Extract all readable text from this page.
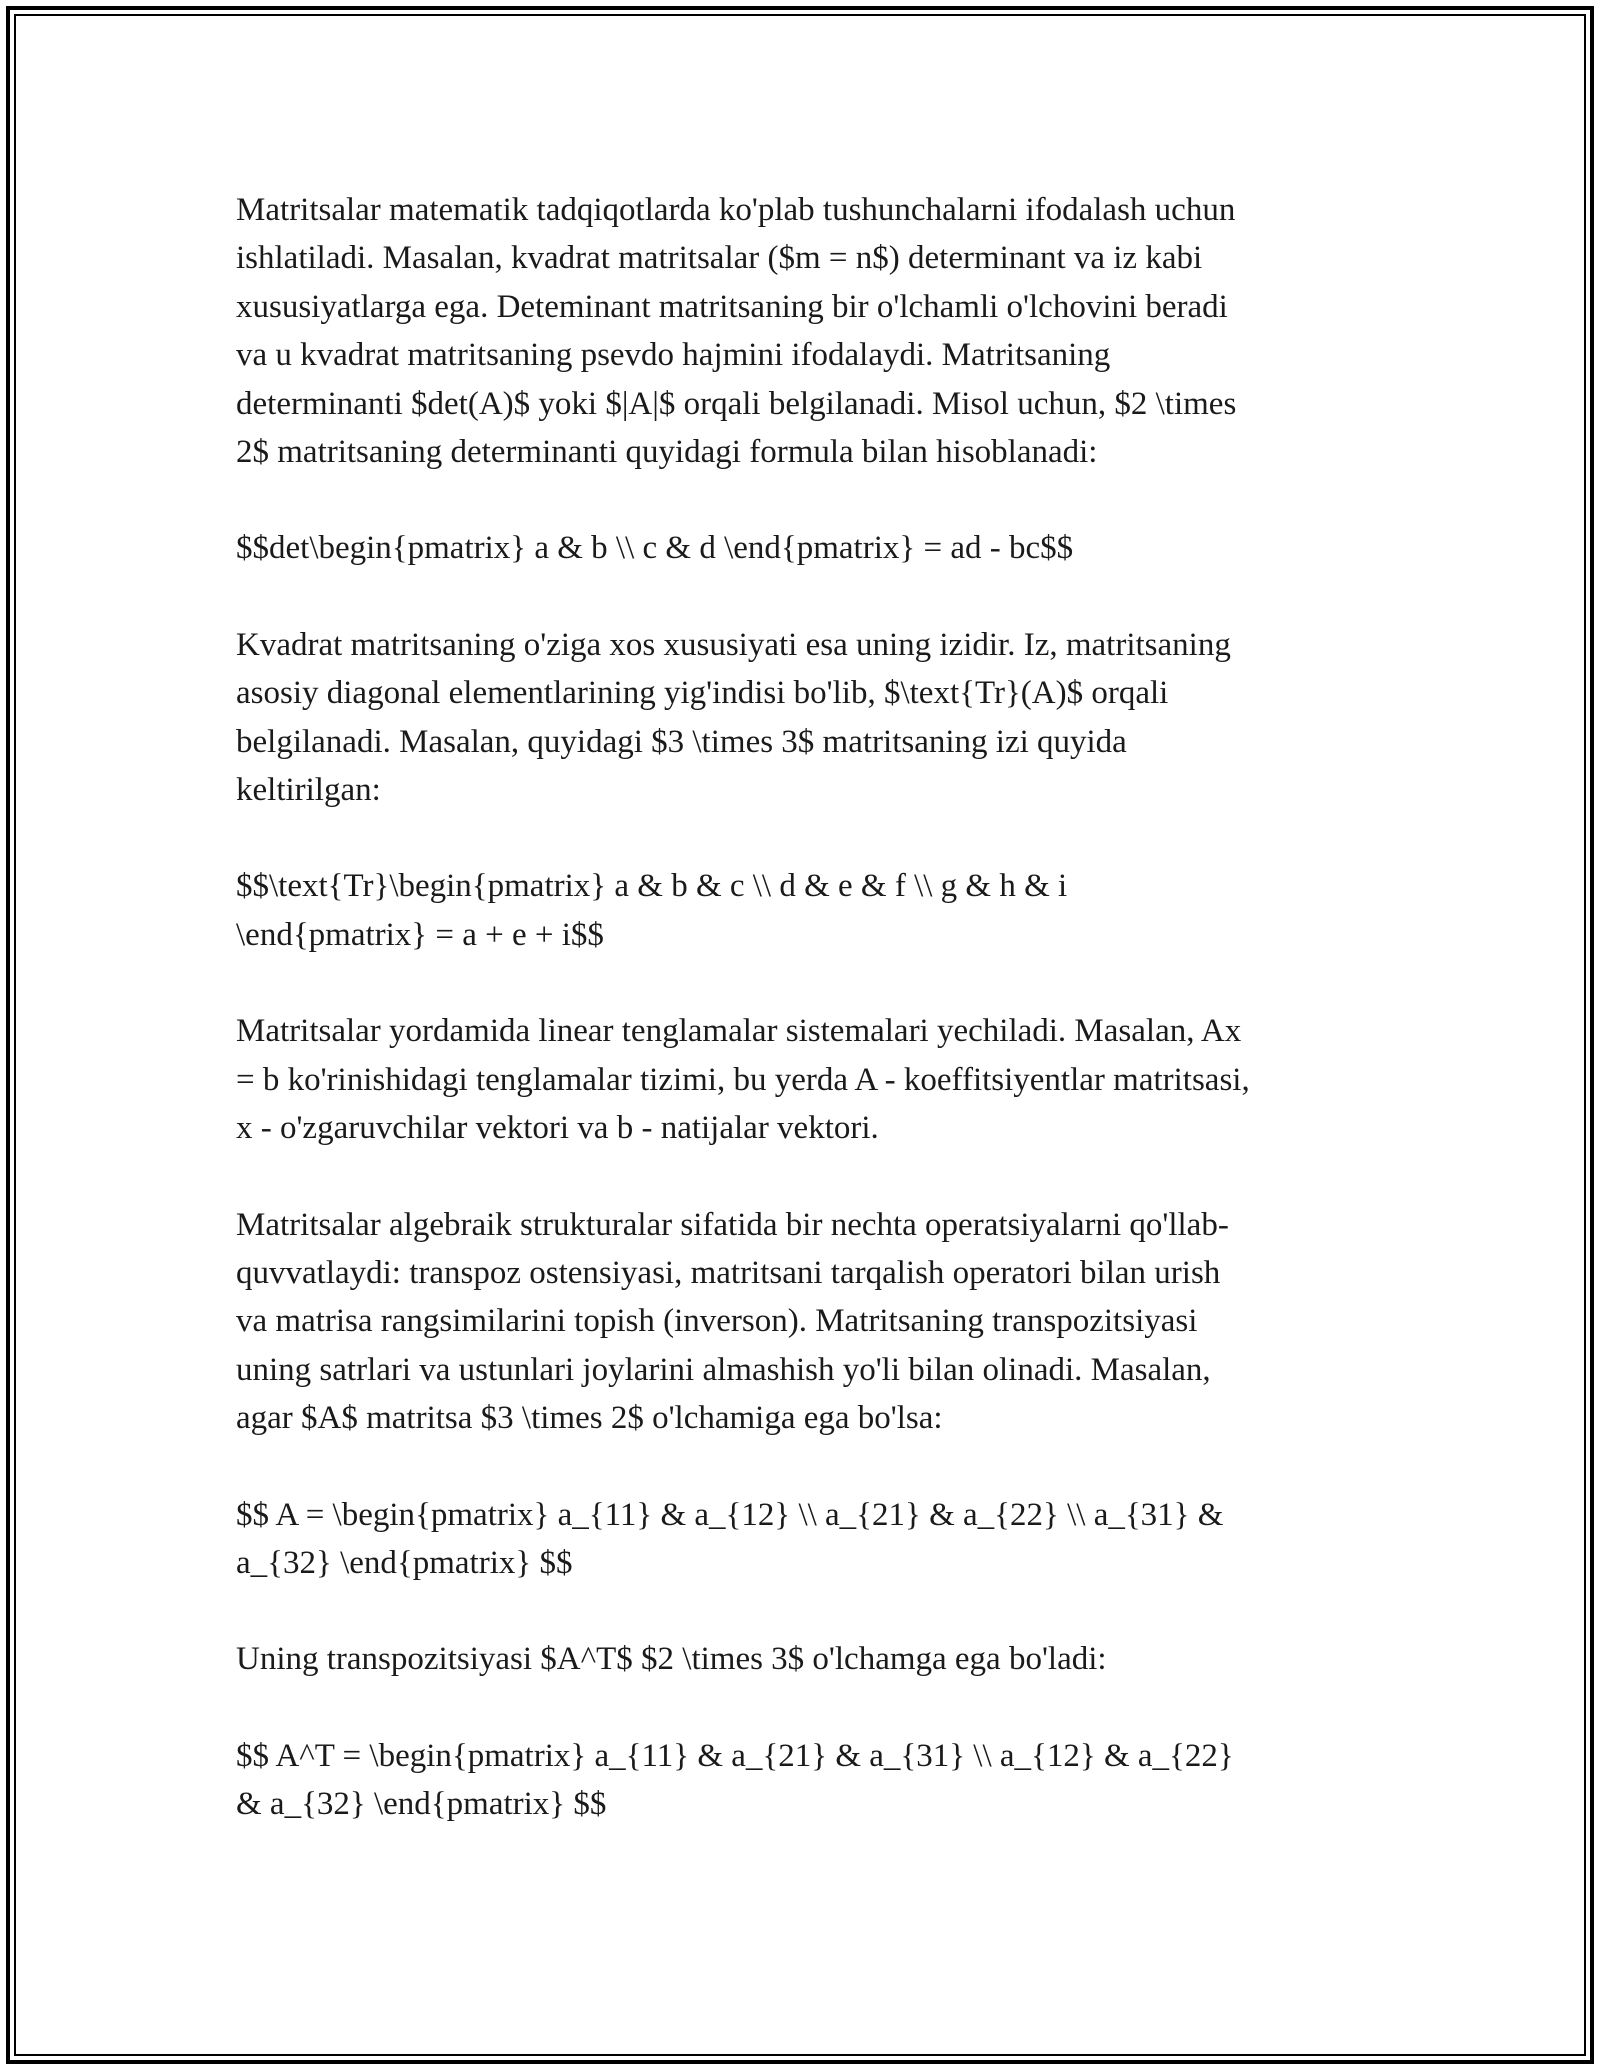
Matritsalar matematik tadqiqotlarda ko'plab tushunchalarni ifodalash uchun
ishlatiladi. Masalan, kvadrat matritsalar ($m = n$) determinant va iz kabi
xususiyatlarga ega. Deteminant matritsaning bir o'lchamli o'lchovini beradi
va u kvadrat matritsaning psevdo hajmini ifodalaydi. Matritsaning
determinanti $det(A)$ yoki $|A|$ orqali belgilanadi. Misol uchun, $2 \times
2$ matritsaning determinanti quyidagi formula bilan hisoblanadi:

$$det\begin{pmatrix} a & b \\ c & d \end{pmatrix} = ad - bc$$

Kvadrat matritsaning o'ziga xos xususiyati esa uning izidir. Iz, matritsaning
asosiy diagonal elementlarining yig'indisi bo'lib, $\text{Tr}(A)$ orqali
belgilanadi. Masalan, quyidagi $3 \times 3$ matritsaning izi quyida
keltirilgan:

$$\text{Tr}\begin{pmatrix} a & b & c \\ d & e & f \\ g & h & i
\end{pmatrix} = a + e + i$$

Matritsalar yordamida linear tenglamalar sistemalari yechiladi. Masalan, Ax
= b ko'rinishidagi tenglamalar tizimi, bu yerda A - koeffitsiyentlar matritsasi,
x - o'zgaruvchilar vektori va b - natijalar vektori.

Matritsalar algebraik strukturalar sifatida bir nechta operatsiyalarni qo'llab-
quvvatlaydi: transpoz ostensiyasi, matritsani tarqalish operatori bilan urish
va matrisa rangsimilarini topish (inverson). Matritsaning transpozitsiyasi
uning satrlari va ustunlari joylarini almashish yo'li bilan olinadi. Masalan,
agar $A$ matritsa $3 \times 2$ o'lchamiga ega bo'lsa:

$$ A = \begin{pmatrix} a_{11} & a_{12} \\ a_{21} & a_{22} \\ a_{31} &
a_{32} \end{pmatrix} $$

Uning transpozitsiyasi $A^T$ $2 \times 3$ o'lchamga ega bo'ladi:

$$ A^T = \begin{pmatrix} a_{11} & a_{21} & a_{31} \\ a_{12} & a_{22}
& a_{32} \end{pmatrix} $$
